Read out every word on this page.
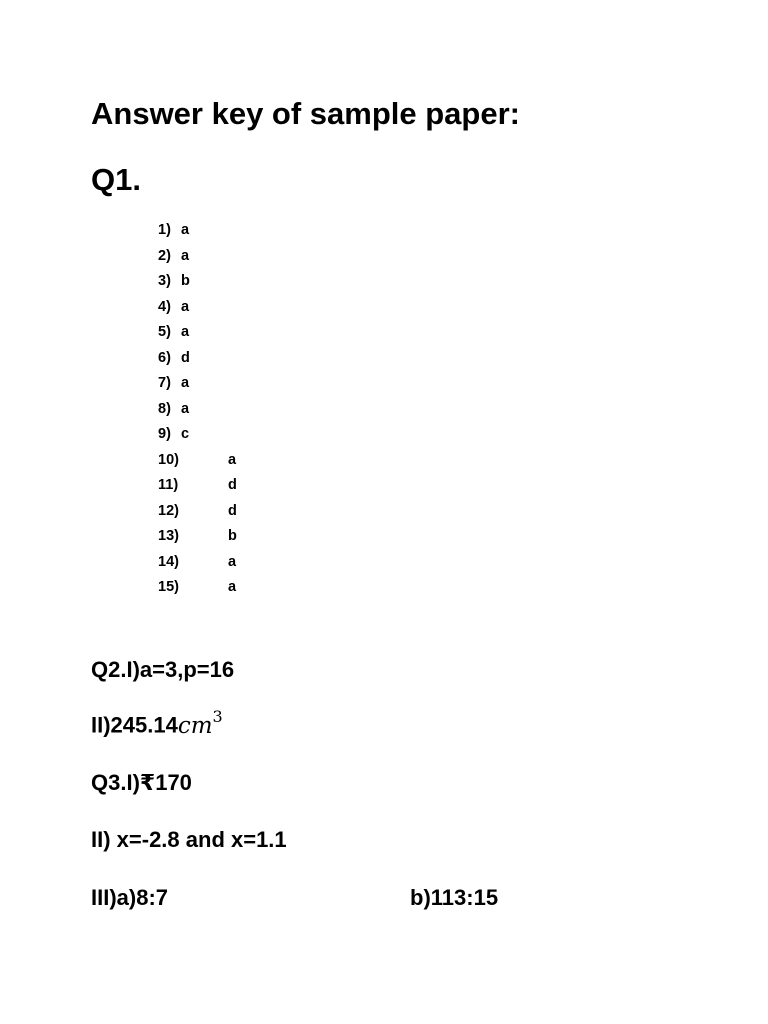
Answer key of sample paper:
Q1.
1) a
2) a
3) b
4) a
5) a
6) d
7) a
8) a
9) c
10)	a
11)	d
12)	d
13)	b
14)	a
15)	a
Q2.I)a=3,p=16
$II)245.14cm^3$
Q3.I)₹170
II) x=-2.8 and x=1.1
III)a)8:7	b)113:15
